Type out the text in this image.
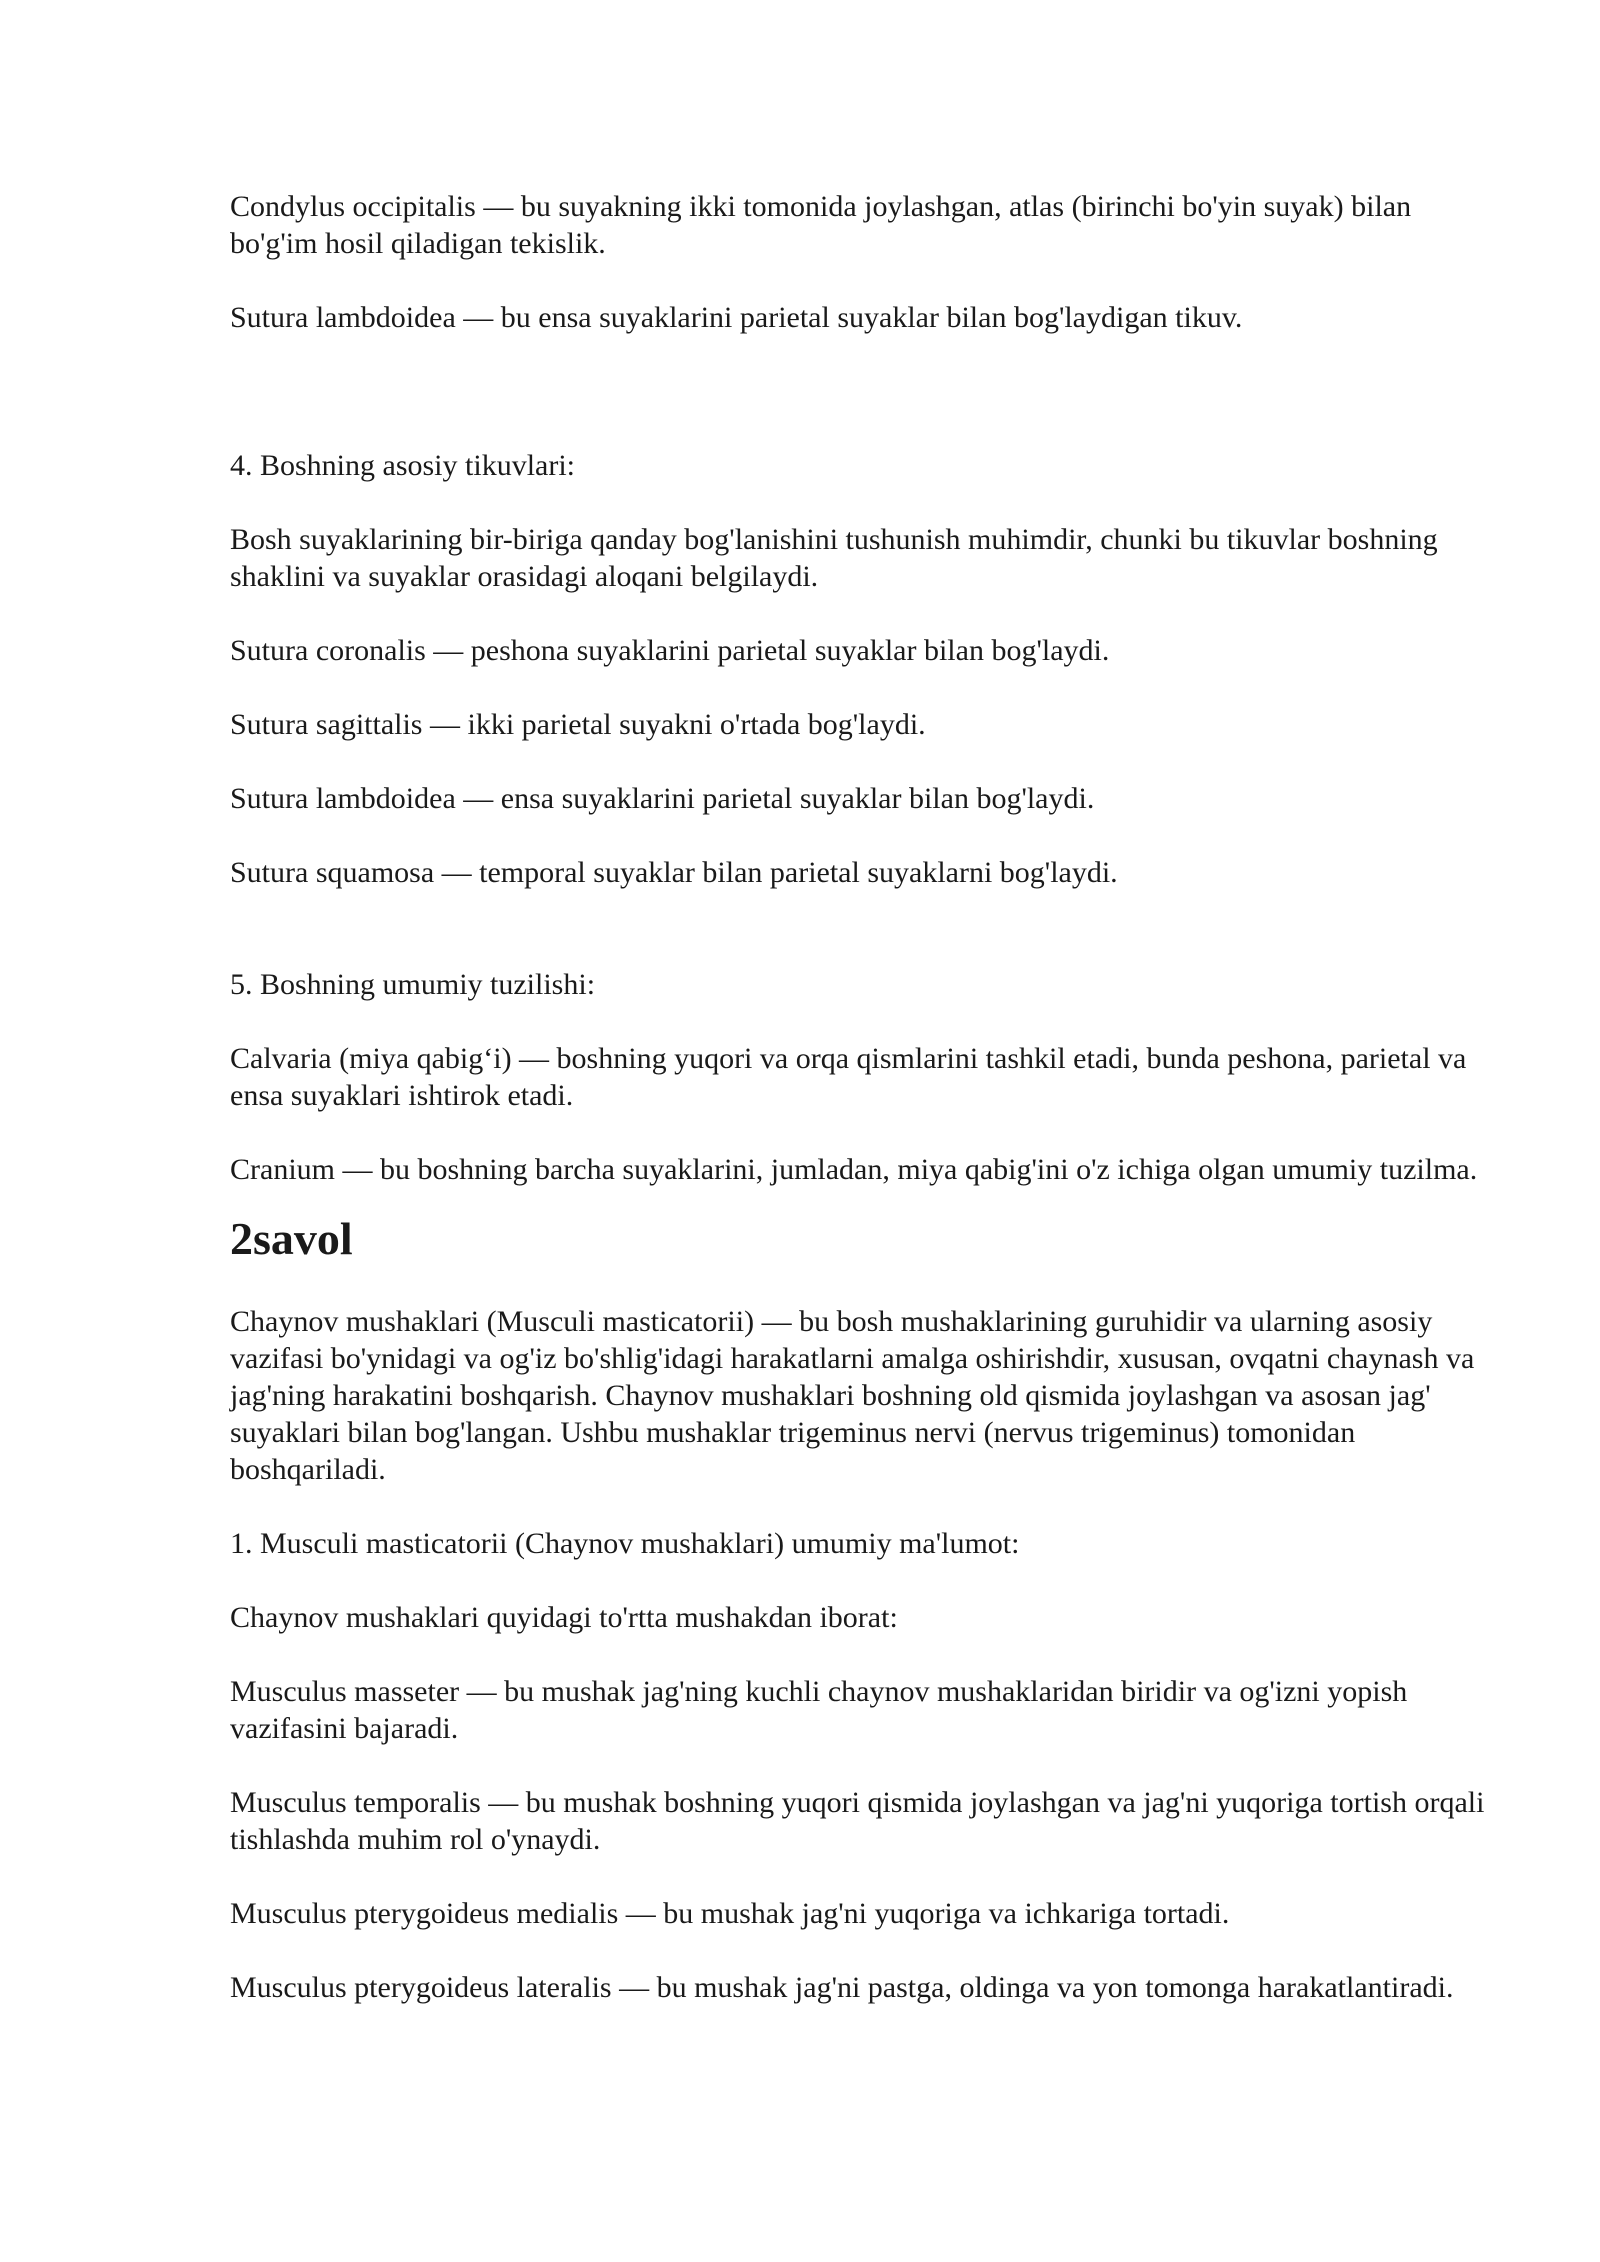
Condylus occipitalis — bu suyakning ikki tomonida joylashgan, atlas (birinchi bo'yin suyak) bilan bo'g'im hosil qiladigan tekislik.

Sutura lambdoidea — bu ensa suyaklarini parietal suyaklar bilan bog'laydigan tikuv.

4. Boshning asosiy tikuvlari:

Bosh suyaklarining bir-biriga qanday bog'lanishini tushunish muhimdir, chunki bu tikuvlar boshning shaklini va suyaklar orasidagi aloqani belgilaydi.

Sutura coronalis — peshona suyaklarini parietal suyaklar bilan bog'laydi.

Sutura sagittalis — ikki parietal suyakni o'rtada bog'laydi.

Sutura lambdoidea — ensa suyaklarini parietal suyaklar bilan bog'laydi.

Sutura squamosa — temporal suyaklar bilan parietal suyaklarni bog'laydi.

5. Boshning umumiy tuzilishi:

Calvaria (miya qabig‘i) — boshning yuqori va orqa qismlarini tashkil etadi, bunda peshona, parietal va ensa suyaklari ishtirok etadi.

Cranium — bu boshning barcha suyaklarini, jumladan, miya qabig'ini o'z ichiga olgan umumiy tuzilma.

2savol

Chaynov mushaklari (Musculi masticatorii) — bu bosh mushaklarining guruhidir va ularning asosiy vazifasi bo'ynidagi va og'iz bo'shlig'idagi harakatlarni amalga oshirishdir, xususan, ovqatni chaynash va jag'ning harakatini boshqarish. Chaynov mushaklari boshning old qismida joylashgan va asosan jag' suyaklari bilan bog'langan. Ushbu mushaklar trigeminus nervi (nervus trigeminus) tomonidan boshqariladi.

1. Musculi masticatorii (Chaynov mushaklari) umumiy ma'lumot:

Chaynov mushaklari quyidagi to'rtta mushakdan iborat:

Musculus masseter — bu mushak jag'ning kuchli chaynov mushaklaridan biridir va og'izni yopish vazifasini bajaradi.

Musculus temporalis — bu mushak boshning yuqori qismida joylashgan va jag'ni yuqoriga tortish orqali tishlashda muhim rol o'ynaydi.

Musculus pterygoideus medialis — bu mushak jag'ni yuqoriga va ichkariga tortadi.

Musculus pterygoideus lateralis — bu mushak jag'ni pastga, oldinga va yon tomonga harakatlantiradi.
